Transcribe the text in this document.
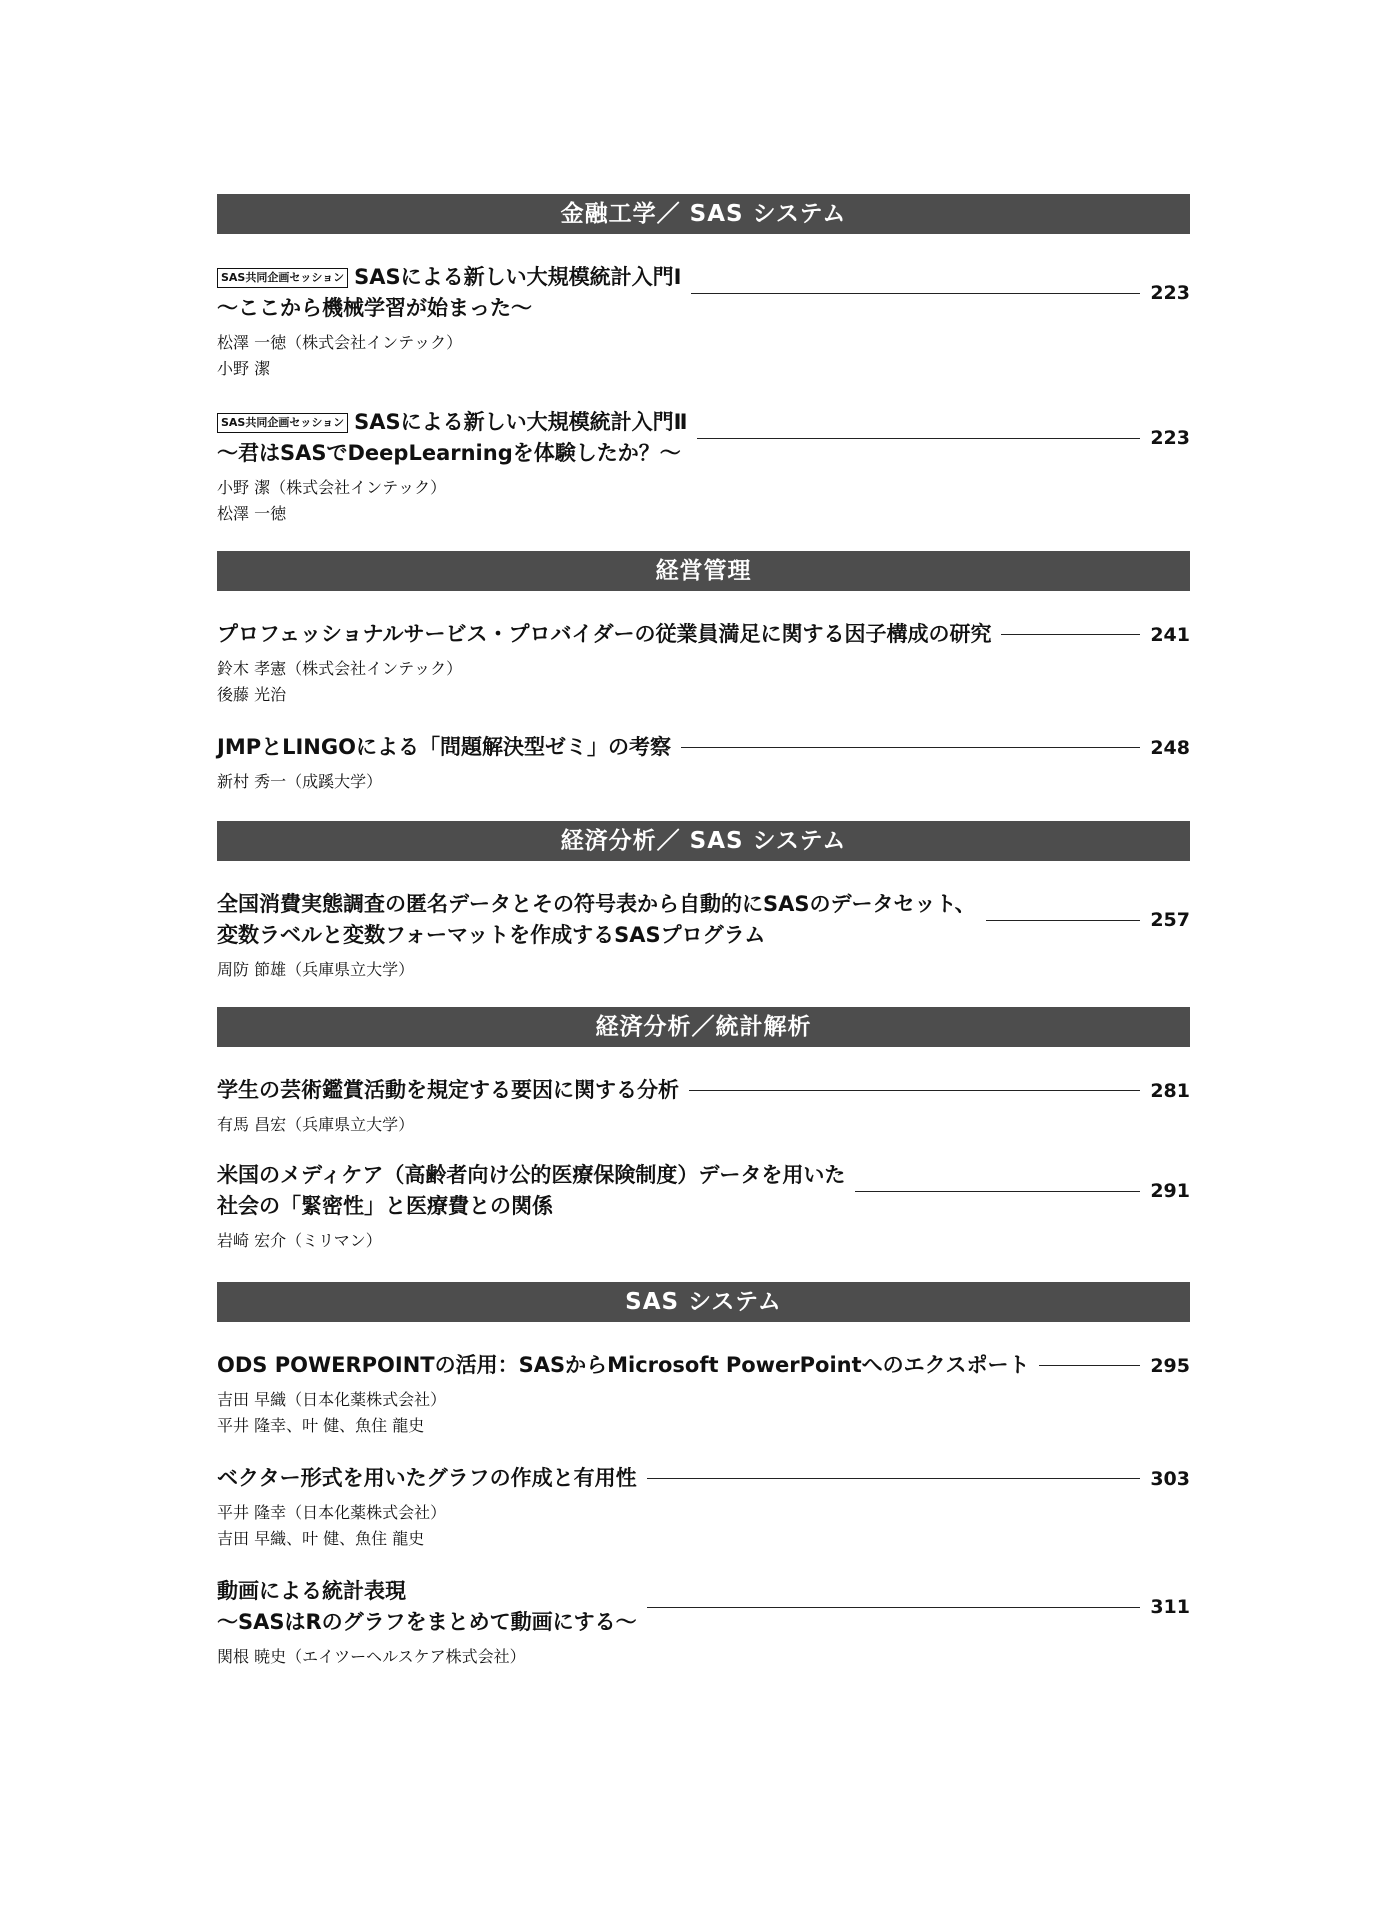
金融工学／ SAS システム
SAS共同企画セッション SASによる新しい大規模統計入門Ⅰ
〜ここから機械学習が始まった〜
223
松澤 一徳（株式会社インテック）
小野 潔
SAS共同企画セッション SASによる新しい大規模統計入門Ⅱ
〜君はSASでDeepLearningを体験したか？〜
223
小野 潔（株式会社インテック）
松澤 一徳
経営管理
プロフェッショナルサービス・プロバイダーの従業員満足に関する因子構成の研究	241
鈴木 孝憲（株式会社インテック）
後藤 光治
JMPとLINGOによる「問題解決型ゼミ」の考察	248
新村 秀一（成蹊大学）
経済分析／ SAS システム
全国消費実態調査の匿名データとその符号表から自動的にSASのデータセット、
変数ラベルと変数フォーマットを作成するSASプログラム
257
周防 節雄（兵庫県立大学）
経済分析／統計解析
学生の芸術鑑賞活動を規定する要因に関する分析	281
有馬 昌宏（兵庫県立大学）
米国のメディケア（高齢者向け公的医療保険制度）データを用いた
社会の「緊密性」と医療費との関係
291
岩崎 宏介（ミリマン）
SAS システム
ODS POWERPOINTの活用：SASからMicrosoft PowerPointへのエクスポート	295
吉田 早織（日本化薬株式会社）
平井 隆幸、叶 健、魚住 龍史
ベクター形式を用いたグラフの作成と有用性	303
平井 隆幸（日本化薬株式会社）
吉田 早織、叶 健、魚住 龍史
動画による統計表現
〜SASはRのグラフをまとめて動画にする〜
311
関根 暁史（エイツーヘルスケア株式会社）
